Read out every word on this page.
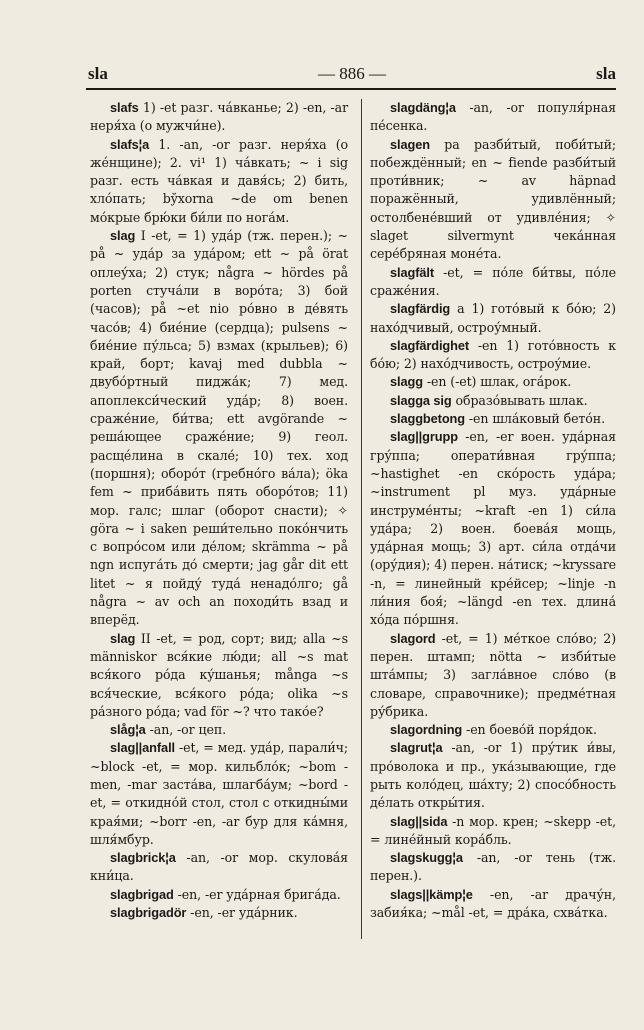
sla	— 886 —	sla

slafs 1) -et разг. ча́вканье; 2) -en, -ar неря́ха (о мужчи́не).

slafs¦a 1. -an, -or разг. неря́ха (о же́нщине); 2. vi¹ 1) ча́вкать; ~ i sig разг. есть ча́вкая и давя́сь; 2) бить, хло́пать; by̆xorna ~de om benen мо́крые брю́ки би́ли по нога́м.

slag I -et, = 1) уда́р (тж. перен.); ~ på ~ уда́р за уда́ром; ett ~ på örat оплеу́ха; 2) стук; några ~ hördes på porten стуча́ли в воро́та; 3) бой (часов); på ~et nio ро́вно в де́вять часо́в; 4) бие́ние (сердца); pulsens ~ бие́ние пу́льса; 5) взмах (крыльев); 6) край, борт; kavaj med dubbla ~ двубо́ртный пиджа́к; 7) мед. апоплекси́ческий уда́р; 8) воен. сраже́ние, би́тва; ett avgörande ~ реша́ющее сраже́ние; 9) геол. расще́лина в скале́; 10) тех. ход (поршня); оборо́т (гребно́го ва́ла); öka fem ~ приба́вить пять оборо́тов; 11) мор. галс; шлаг (оборот снасти); ✧ göra ~ i saken реши́тельно поко́нчить с вопро́сом или де́лом; skrämma ~ på ngn испуга́ть до́ смерти; jag går dit ett litet ~ я пойду́ туда́ ненадо́лго; gå några ~ av och an походи́ть взад и вперёд.

slag II -et, = род, сорт; вид; alla ~s människor вся́кие лю́ди; all ~s mat вся́кого ро́да ку́шанья; många ~s вся́ческие, вся́кого ро́да; olika ~s ра́зного ро́да; vad för ~? что тако́е?

slåg¦a -an, -or цеп.

slag||anfall -et, = мед. уда́р, парали́ч; ~block -et, = мор. кильбло́к; ~bom -men, -mar заста́ва, шлагба́ум; ~bord -et, = откидно́й стол, стол с откидны́ми края́ми; ~borr -en, -ar бур для ка́мня, шля́мбур.

slagbrick¦a -an, -or мор. скулова́я кни́ца.

slagbrigad -en, -er уда́рная брига́да.

slagbrigadör -en, -er уда́рник.

slagdäng¦a -an, -or популя́рная пе́сенка.

slagen pa разби́тый, поби́тый; побеждённый; en ~ fiende разби́тый проти́вник; ~ av häpnad поражённый, удивлённый; остолбене́вший от удивле́ния; ✧ slaget silvermynt чека́нная сере́бряная моне́та.

slagfält -et, = по́ле би́твы, по́ле сраже́ния.

slagfärdig a 1) гото́вый к бо́ю; 2) нахо́дчивый, остроу́мный.

slagfärdighet -en 1) гото́вность к бо́ю; 2) нахо́дчивость, остроу́мие.

slagg -en (-et) шлак, ога́рок.

slagga sig образо́вывать шлак.

slaggbetong -en шла́ковый бето́н.

slag||grupp -en, -er воен. уда́рная гру́ппа; операти́вная гру́ппа; ~hastighet -en ско́рость уда́ра; ~instrument pl муз. уда́рные инструме́нты; ~kraft -en 1) си́ла уда́ра; 2) воен. боева́я мощь, уда́рная мощь; 3) арт. си́ла отда́чи (ору́дия); 4) перен. на́тиск; ~kryssare -n, = линейный кре́йсер; ~linje -n ли́ния боя́; ~längd -en тех. длина́ хо́да по́ршня.

slagord -et, = 1) ме́ткое сло́во; 2) перен. штамп; nötta ~ изби́тые шта́мпы; 3) загла́вное сло́во (в словаре, справочнике); предме́тная ру́брика.

slagordning -en боево́й поря́док.

slagrut¦a -an, -or 1) пру́тик и́вы, про́волока и пр., ука́зывающие, где рыть коло́дец, ша́хту; 2) спосо́бность де́лать откры́тия.

slag||sida -n мор. крен; ~skepp -et, = лине́йный кора́бль.

slagskugg¦a -an, -or тень (тж. перен.).

slags||kämp¦e -en, -ar драчу́н, забия́ка; ~mål -et, = дра́ка, схва́тка.
